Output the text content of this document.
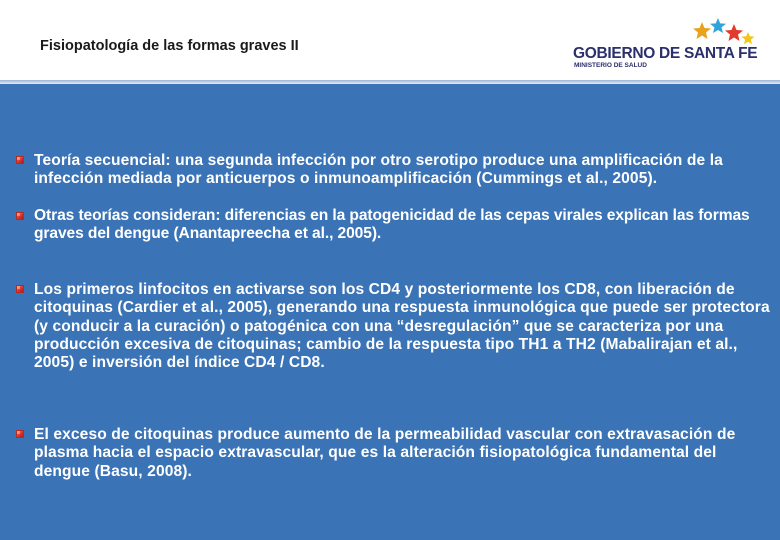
Fisiopatología de las formas graves II	GOBIERNO DE SANTA FE
MINISTERIO DE SALUD
Teoría secuencial: una segunda infección por otro serotipo produce una amplificación de la infección mediada por anticuerpos o inmunoamplificación (Cummings et al., 2005).
Otras teorías consideran: diferencias en la patogenicidad de las cepas virales explican las formas graves del dengue (Anantapreecha et al., 2005).
Los primeros linfocitos en activarse son los CD4 y posteriormente los CD8, con liberación de citoquinas (Cardier et al., 2005), generando una respuesta inmunológica que puede ser protectora (y conducir a la curación) o patogénica con una “desregulación” que se caracteriza por una producción excesiva de citoquinas; cambio de la respuesta tipo TH1 a TH2 (Mabalirajan et al., 2005) e inversión del índice CD4 / CD8.
El exceso de citoquinas produce aumento de la permeabilidad vascular con extravasación de plasma hacia el espacio extravascular, que es la alteración fisiopatológica fundamental del dengue (Basu, 2008).
